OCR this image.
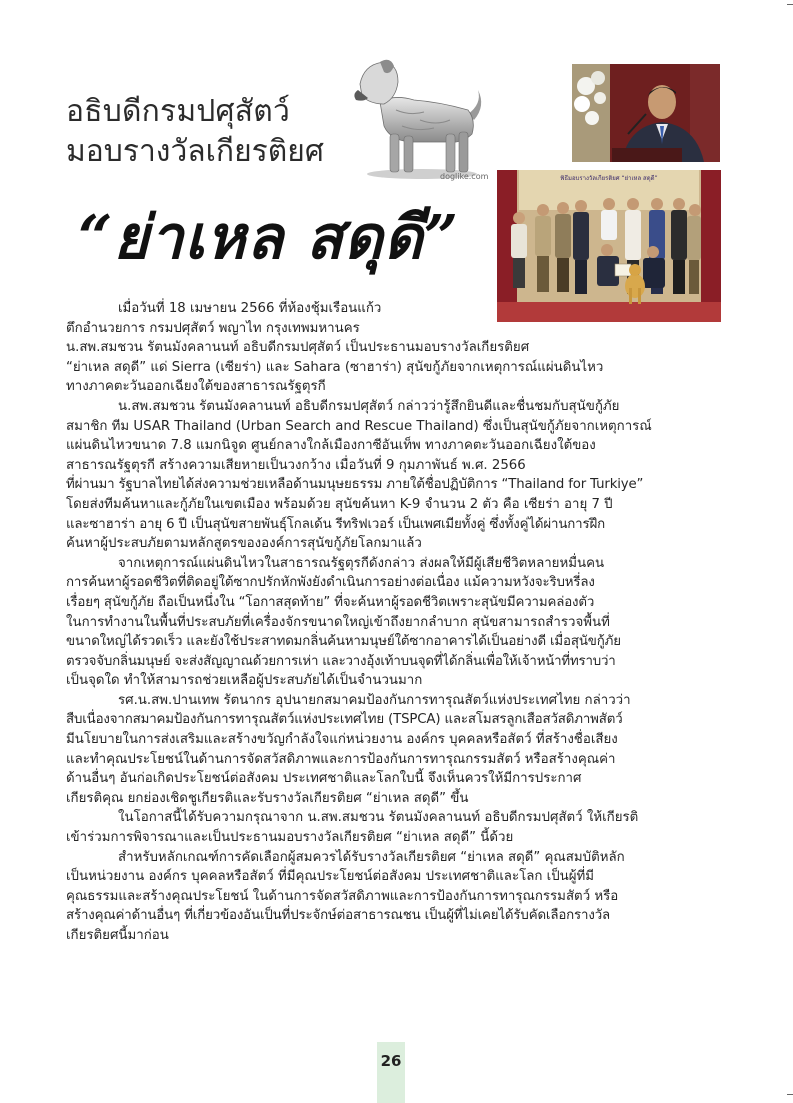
อธิบดีกรมปศุสัตว์
มอบรางวัลเกียรติยศ
“ย่าเหล สดุดี”
doglike.com	พิธีมอบรางวัลเกียรติยศ “ย่าเหล สดุดี”
เมื่อวันที่ 18 เมษายน 2566 ที่ห้องชุ้มเรือนแก้ว
ตึกอำนวยการ กรมปศุสัตว์ พญาไท กรุงเทพมหานคร
น.สพ.สมชวน รัตนมังคลานนท์ อธิบดีกรมปศุสัตว์ เป็นประธานมอบรางวัลเกียรติยศ
“ย่าเหล สดุดี” แด่ Sierra (เซียร่า) และ Sahara (ซาฮาร่า) สุนัขกู้ภัยจากเหตุการณ์แผ่นดินไหว
ทางภาคตะวันออกเฉียงใต้ของสาธารณรัฐตุรกี
น.สพ.สมชวน รัตนมังคลานนท์ อธิบดีกรมปศุสัตว์ กล่าวว่ารู้สึกยินดีและชื่นชมกับสุนัขกู้ภัย
สมาชิก ทีม USAR Thailand (Urban Search and Rescue Thailand) ซึ่งเป็นสุนัขกู้ภัยจากเหตุการณ์
แผ่นดินไหวขนาด 7.8 แมกนิจูด ศูนย์กลางใกล้เมืองกาซีอันเท็พ ทางภาคตะวันออกเฉียงใต้ของ
สาธารณรัฐตุรกี สร้างความเสียหายเป็นวงกว้าง เมื่อวันที่ 9 กุมภาพันธ์ พ.ศ. 2566
ที่ผ่านมา รัฐบาลไทยได้ส่งความช่วยเหลือด้านมนุษยธรรม ภายใต้ชื่อปฏิบัติการ “Thailand for Turkiye”
โดยส่งทีมค้นหาและกู้ภัยในเขตเมือง พร้อมด้วย สุนัขค้นหา K-9 จำนวน 2 ตัว คือ เซียร่า อายุ 7 ปี
และซาฮาร่า อายุ 6 ปี เป็นสุนัขสายพันธุ์โกลเด้น รีทริฟเวอร์ เป็นเพศเมียทั้งคู่ ซึ่งทั้งคู่ได้ผ่านการฝึก
ค้นหาผู้ประสบภัยตามหลักสูตรขององค์การสุนัขกู้ภัยโลกมาแล้ว
จากเหตุการณ์แผ่นดินไหวในสาธารณรัฐตุรกีดังกล่าว ส่งผลให้มีผู้เสียชีวิตหลายหมื่นคน
การค้นหาผู้รอดชีวิตที่ติดอยู่ใต้ซากปรักหักพังยังดำเนินการอย่างต่อเนื่อง แม้ความหวังจะริบหรี่ลง
เรื่อยๆ สุนัขกู้ภัย ถือเป็นหนึ่งใน “โอกาสสุดท้าย” ที่จะค้นหาผู้รอดชีวิตเพราะสุนัขมีความคล่องตัว
ในการทำงานในพื้นที่ประสบภัยที่เครื่องจักรขนาดใหญ่เข้าถึงยากลำบาก สุนัขสามารถสำรวจพื้นที่
ขนาดใหญ่ได้รวดเร็ว และยังใช้ประสาทดมกลิ่นค้นหามนุษย์ใต้ซากอาคารได้เป็นอย่างดี เมื่อสุนัขกู้ภัย
ตรวจจับกลิ่นมนุษย์ จะส่งสัญญาณด้วยการเห่า และวางอุ้งเท้าบนจุดที่ได้กลิ่นเพื่อให้เจ้าหน้าที่ทราบว่า
เป็นจุดใด ทำให้สามารถช่วยเหลือผู้ประสบภัยได้เป็นจำนวนมาก
รศ.น.สพ.ปานเทพ รัตนากร อุปนายกสมาคมป้องกันการทารุณสัตว์แห่งประเทศไทย กล่าวว่า
สืบเนื่องจากสมาคมป้องกันการทารุณสัตว์แห่งประเทศไทย (TSPCA) และสโมสรลูกเสือสวัสดิภาพสัตว์
มีนโยบายในการส่งเสริมและสร้างขวัญกำลังใจแก่หน่วยงาน องค์กร บุคคลหรือสัตว์ ที่สร้างชื่อเสียง
และทำคุณประโยชน์ในด้านการจัดสวัสดิภาพและการป้องกันการทารุณกรรมสัตว์ หรือสร้างคุณค่า
ด้านอื่นๆ อันก่อเกิดประโยชน์ต่อสังคม ประเทศชาติและโลกใบนี้ จึงเห็นควรให้มีการประกาศ
เกียรติคุณ ยกย่องเชิดชูเกียรติและรับรางวัลเกียรติยศ “ย่าเหล สดุดี” ขึ้น
ในโอกาสนี้ได้รับความกรุณาจาก น.สพ.สมชวน รัตนมังคลานนท์ อธิบดีกรมปศุสัตว์ ให้เกียรติ
เข้าร่วมการพิจารณาและเป็นประธานมอบรางวัลเกียรติยศ “ย่าเหล สดุดี” นี้ด้วย
สำหรับหลักเกณฑ์การคัดเลือกผู้สมควรได้รับรางวัลเกียรติยศ “ย่าเหล สดุดี” คุณสมบัติหลัก
เป็นหน่วยงาน องค์กร บุคคลหรือสัตว์ ที่มีคุณประโยชน์ต่อสังคม ประเทศชาติและโลก เป็นผู้ที่มี
คุณธรรมและสร้างคุณประโยชน์ ในด้านการจัดสวัสดิภาพและการป้องกันการทารุณกรรมสัตว์ หรือ
สร้างคุณค่าด้านอื่นๆ ที่เกี่ยวข้องอันเป็นที่ประจักษ์ต่อสาธารณชน เป็นผู้ที่ไม่เคยได้รับคัดเลือกรางวัล
เกียรติยศนี้มาก่อน
26
